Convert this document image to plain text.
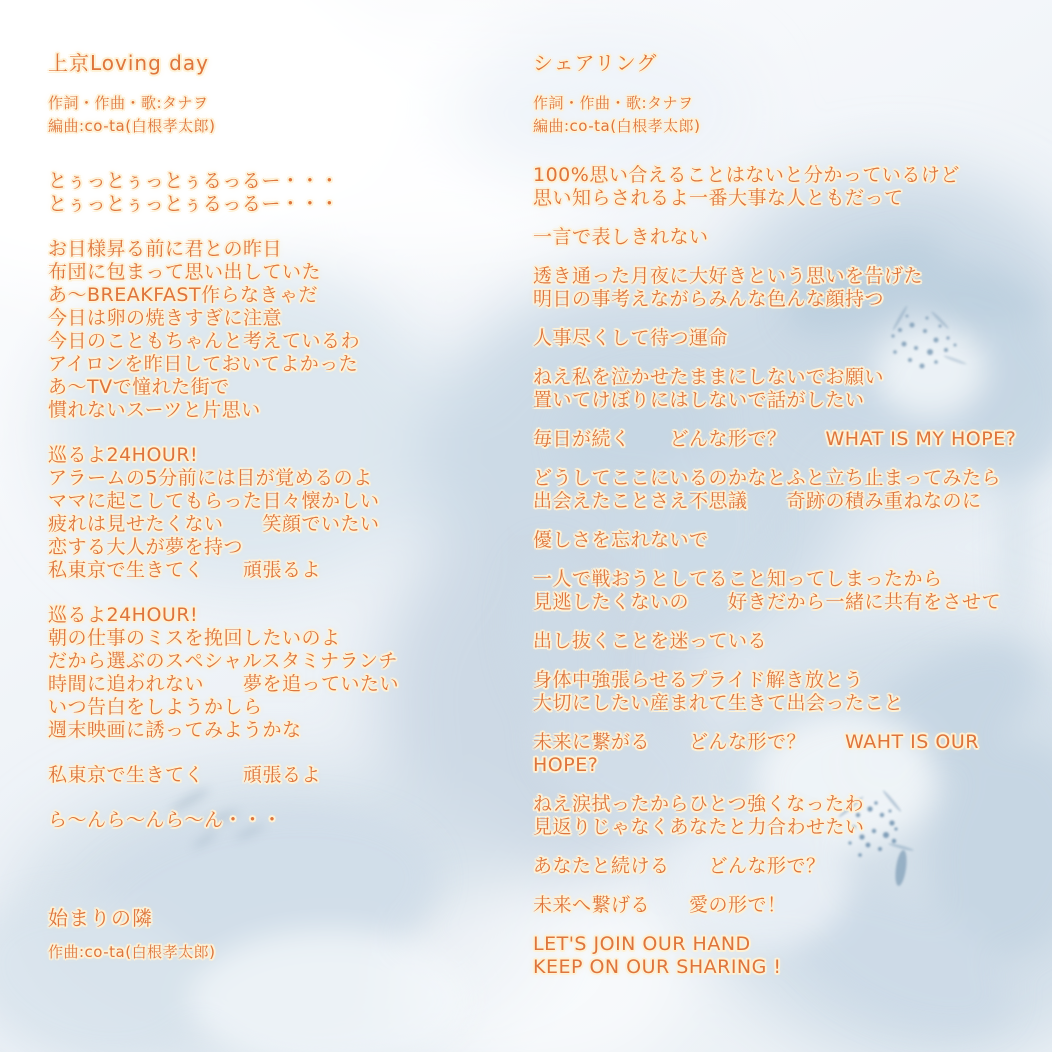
上京Loving day

作詞・作曲・歌:タナヲ

編曲:co-ta(白根孝太郎)

とぅっとぅっとぅるっるー・・・

とぅっとぅっとぅるっるー・・・

お日様昇る前に君との昨日

布団に包まって思い出していた

あ〜BREAKFAST作らなきゃだ

今日は卵の焼きすぎに注意

今日のこともちゃんと考えているわ

アイロンを昨日しておいてよかった

あ〜TVで憧れた街で

慣れないスーツと片思い

巡るよ24HOUR!

アラームの5分前には目が覚めるのよ

ママに起こしてもらった日々懐かしい

疲れは見せたくない　　笑顔でいたい

恋する大人が夢を持つ

私東京で生きてく　　頑張るよ

巡るよ24HOUR!

朝の仕事のミスを挽回したいのよ

だから選ぶのスペシャルスタミナランチ

時間に追われない　　夢を追っていたい

いつ告白をしようかしら

週末映画に誘ってみようかな

私東京で生きてく　　頑張るよ

ら〜んら〜んら〜ん・・・

始まりの隣

作曲:co-ta(白根孝太郎)

シェアリング

作詞・作曲・歌:タナヲ

編曲:co-ta(白根孝太郎)

100%思い合えることはないと分かっているけど

思い知らされるよ一番大事な人ともだって

一言で表しきれない

透き通った月夜に大好きという思いを告げた

明日の事考えながらみんな色んな顔持つ

人事尽くして待つ運命

ねえ私を泣かせたままにしないでお願い

置いてけぼりにはしないで話がしたい

毎日が続く　　どんな形で？　　WHAT IS MY HOPE?

どうしてここにいるのかなとふと立ち止まってみたら

出会えたことさえ不思議　　奇跡の積み重ねなのに

優しさを忘れないで

一人で戦おうとしてること知ってしまったから

見逃したくないの　　好きだから一緒に共有をさせて

出し抜くことを迷っている

身体中強張らせるプライド解き放とう

大切にしたい産まれて生きて出会ったこと

未来に繋がる　　どんな形で？　　WAHT IS OUR HOPE?

ねえ涙拭ったからひとつ強くなったわ

見返りじゃなくあなたと力合わせたい

あなたと続ける　　どんな形で？

未来へ繋げる　　愛の形で！

LET'S JOIN OUR HAND

KEEP ON OUR SHARING !
